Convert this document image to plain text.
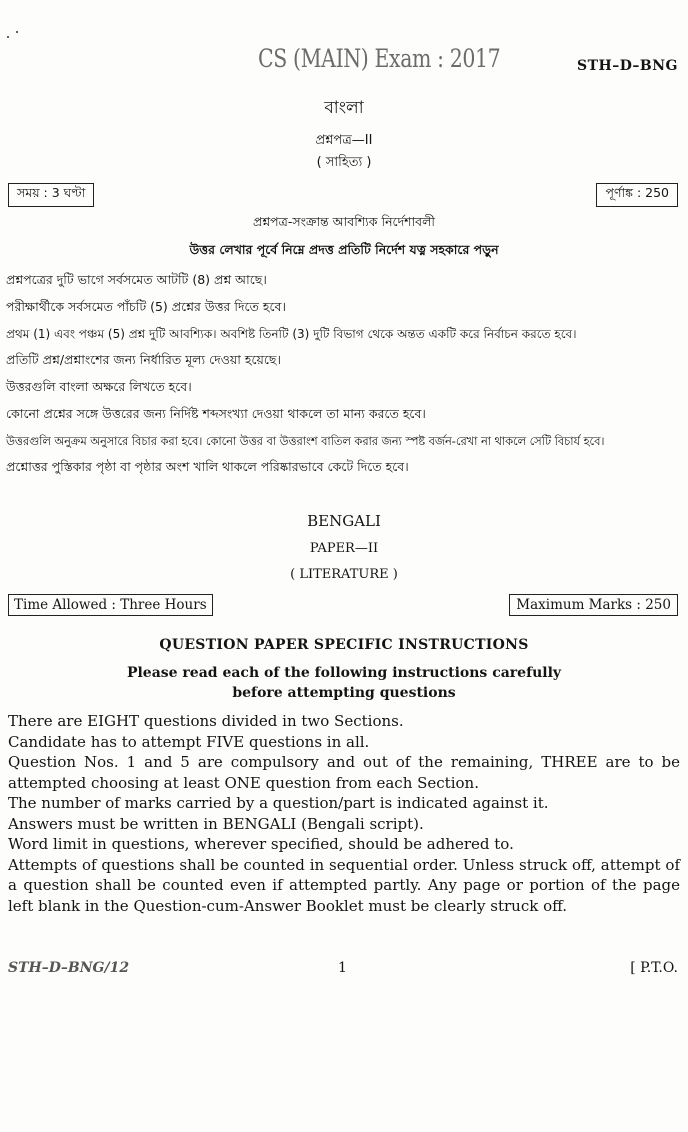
CS (MAIN) Exam : 2017	STH–D–BNG
বাংলা
প্রশ্নপত্র—II
( সাহিত্য )
সময় : 3 ঘণ্টা	পূর্ণাঙ্ক : 250
প্রশ্নপত্র-সংক্রান্ত আবশ্যিক নির্দেশাবলী
উত্তর লেখার পূর্বে নিম্নে প্রদত্ত প্রতিটি নির্দেশ যত্ন সহকারে পড়ুন
প্রশ্নপত্রের দুটি ভাগে সর্বসমেত আটটি (8) প্রশ্ন আছে।
পরীক্ষার্থীকে সর্বসমেত পাঁচটি (5) প্রশ্নের উত্তর দিতে হবে।
প্রথম (1) এবং পঞ্চম (5) প্রশ্ন দুটি আবশ্যিক। অবশিষ্ট তিনটি (3) দুটি বিভাগ থেকে অন্তত একটি করে নির্বাচন করতে হবে।
প্রতিটি প্রশ্ন/প্রশ্নাংশের জন্য নির্ধারিত মূল্য দেওয়া হয়েছে।
উত্তরগুলি বাংলা অক্ষরে লিখতে হবে।
কোনো প্রশ্নের সঙ্গে উত্তরের জন্য নির্দিষ্ট শব্দসংখ্যা দেওয়া থাকলে তা মান্য করতে হবে।
উত্তরগুলি অনুক্রম অনুসারে বিচার করা হবে। কোনো উত্তর বা উত্তরাংশ বাতিল করার জন্য স্পষ্ট বর্জন-রেখা না থাকলে সেটি বিচার্য হবে।
প্রশ্নোত্তর পুস্তিকার পৃষ্ঠা বা পৃষ্ঠার অংশ খালি থাকলে পরিষ্কারভাবে কেটে দিতে হবে।
BENGALI
PAPER—II
( LITERATURE )
Time Allowed : Three Hours	Maximum Marks : 250
QUESTION PAPER SPECIFIC INSTRUCTIONS
Please read each of the following instructions carefully
before attempting questions
There are EIGHT questions divided in two Sections.
Candidate has to attempt FIVE questions in all.
Question Nos. 1 and 5 are compulsory and out of the remaining, THREE are to be attempted choosing at least ONE question from each Section.
The number of marks carried by a question/part is indicated against it.
Answers must be written in BENGALI (Bengali script).
Word limit in questions, wherever specified, should be adhered to.
Attempts of questions shall be counted in sequential order. Unless struck off, attempt of a question shall be counted even if attempted partly. Any page or portion of the page left blank in the Question-cum-Answer Booklet must be clearly struck off.
STH–D–BNG/12	1	[ P.T.O.
